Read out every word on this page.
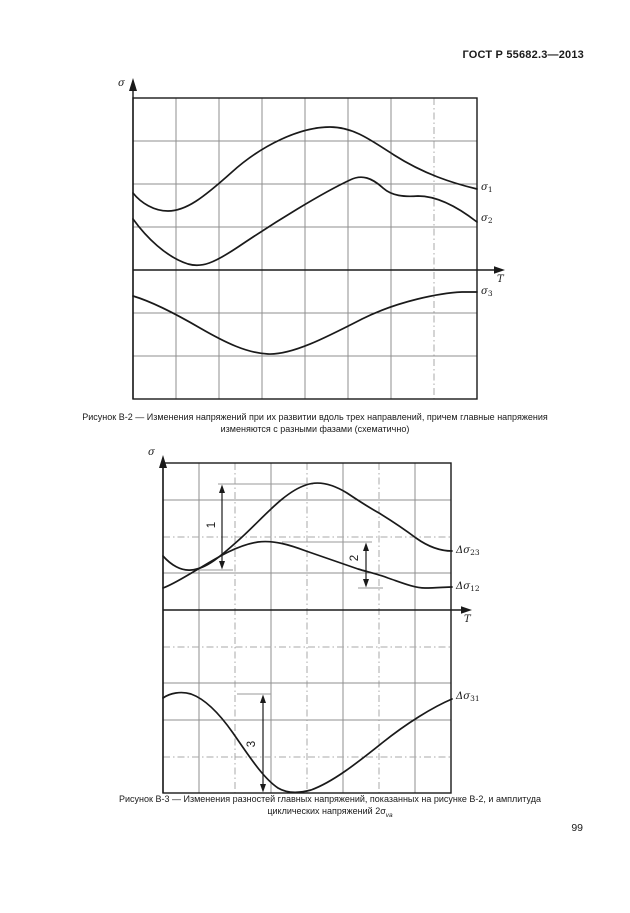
ГОСТ Р 55682.3—2013
σ
T
$\sigma_1$
$\sigma_2$
$\sigma_3$
Рисунок В-2 — Изменения напряжений при их развитии вдоль трех направлений, причем главные напряжения
изменяются с разными фазами (схематично)
σ
T
$\Delta\sigma_{23}$
$\Delta\sigma_{12}$
$\Delta\sigma_{31}$
1
2
3
Рисунок В-3 — Изменения разностей главных напряжений, показанных на рисунке В-2, и амплитуда
циклических напряжений $2\sigma_{va}$
99
